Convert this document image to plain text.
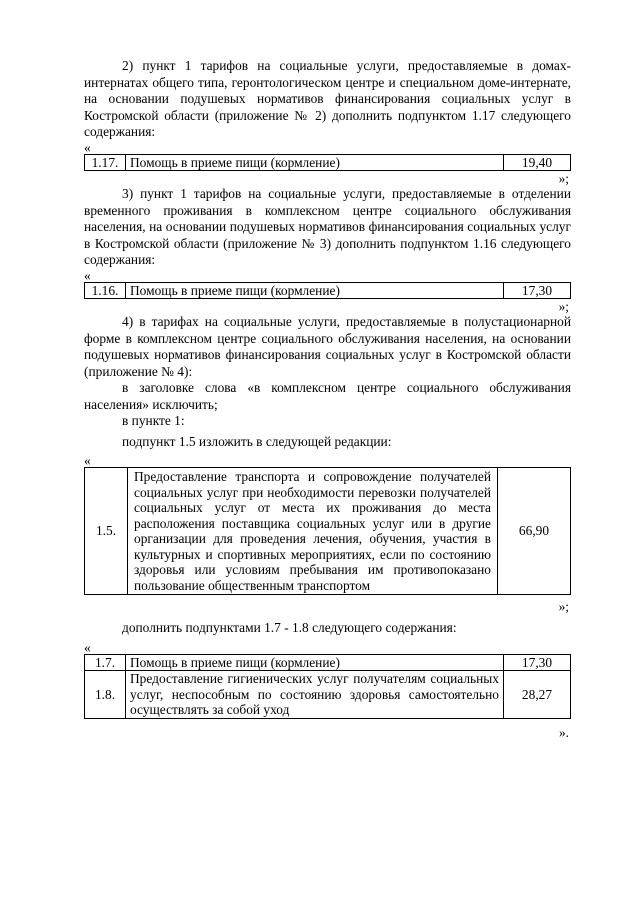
2) пункт 1 тарифов на социальные услуги, предоставляемые в домах-интернатах общего типа, геронтологическом центре и специальном доме-интернате, на основании подушевых нормативов финансирования социальных услуг в Костромской области (приложение № 2) дополнить подпунктом 1.17 следующего содержания:

«

1.17.	Помощь в приеме пищи (кормление)	19,40

»;

3) пункт 1 тарифов на социальные услуги, предоставляемые в отделении временного проживания в комплексном центре социального обслуживания населения, на основании подушевых нормативов финансирования социальных услуг в Костромской области (приложение № 3) дополнить подпунктом 1.16 следующего содержания:

«

1.16.	Помощь в приеме пищи (кормление)	17,30

»;

4) в тарифах на социальные услуги, предоставляемые в полустационарной форме в комплексном центре социального обслуживания населения, на основании подушевых нормативов финансирования социальных услуг в Костромской области (приложение № 4):

в заголовке слова «в комплексном центре социального обслуживания населения» исключить;

в пункте 1:

подпункт 1.5 изложить в следующей редакции:

«

1.5.	Предоставление транспорта и сопровождение получателей социальных услуг при необходимости перевозки получателей социальных услуг от места их проживания до места расположения поставщика социальных услуг или в другие организации для проведения лечения, обучения, участия в культурных и спортивных мероприятиях, если по состоянию здоровья или условиям пребывания им противопоказано пользование общественным транспортом	66,90

»;

дополнить подпунктами 1.7 - 1.8 следующего содержания:

«

1.7.	Помощь в приеме пищи (кормление)	17,30
1.8.	Предоставление гигиенических услуг получателям социальных услуг, неспособным по состоянию здоровья самостоятельно осуществлять за собой уход	28,27

».
